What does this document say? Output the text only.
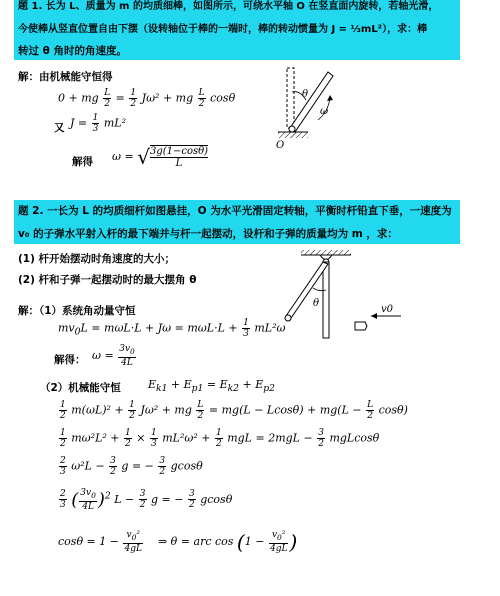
题 1. 长为 L、质量为 m 的均质细棒，如图所示，可绕水平轴 O 在竖直面内旋转，若轴光滑，
今使棒从竖直位置自由下摆（设转轴位于棒的一端时，棒的转动惯量为 J = ⅓mL²），求：棒
转过 θ 角时的角速度。
解：由机械能守恒得
0 + mg $\frac{L}{2} = \frac{1}{2} J\omega^2$ + mg $\frac{L}{2}$ cosθ
又 $J = \frac{1}{3} mL^2$
解得 ω = √ $\frac{3g(1-\cos\theta)}{L}$
θ
ω
O
题 2. 一长为 L 的均质细杆如图悬挂，O 为水平光滑固定转轴，平衡时杆铅直下垂，一速度为
v₀ 的子弹水平射入杆的最下端并与杆一起摆动，设杆和子弹的质量均为 m ，求：
(1) 杆开始摆动时角速度的大小；
(2) 杆和子弹一起摆动时的最大摆角 θ
θ
v0
解：（1）系统角动量守恒
$mv_0L = m\omega L\cdot L + J\omega = m\omega L\cdot L + \frac{1}{3} mL^2\omega$
解得： $\omega = \frac{3v_0}{4L}$
（2）机械能守恒 $E_{k1} + E_{p1} = E_{k2} + E_{p2}$
$\frac{1}{2} m(\omega L)^2 + \frac{1}{2} J\omega^2$ + mg $\frac{L}{2} = mg(L - Lcos\theta) + mg(L - \frac{L}{2} \cos\theta)$
$\frac{1}{2} m\omega^2L^2 + \frac{1}{2} \times \frac{1}{3} mL^2\omega^2 + \frac{1}{2}$ mgL = $2mgL - \frac{3}{2}$ mgLcosθ
$\frac{2}{3} \omega^2L - \frac{3}{2}$ g = − $\frac{3}{2}$ gcosθ
$\frac{2}{3}$ ( $\frac{3v_0}{4L} )^2$ $L - \frac{3}{2}$ g = − $\frac{3}{2}$ gcosθ
$\cos\theta = 1 - \frac{v_0^2}{4gL}$ ⇒ θ = arc $\cos (1 - \frac{v_0^2}{4gL}$ )
